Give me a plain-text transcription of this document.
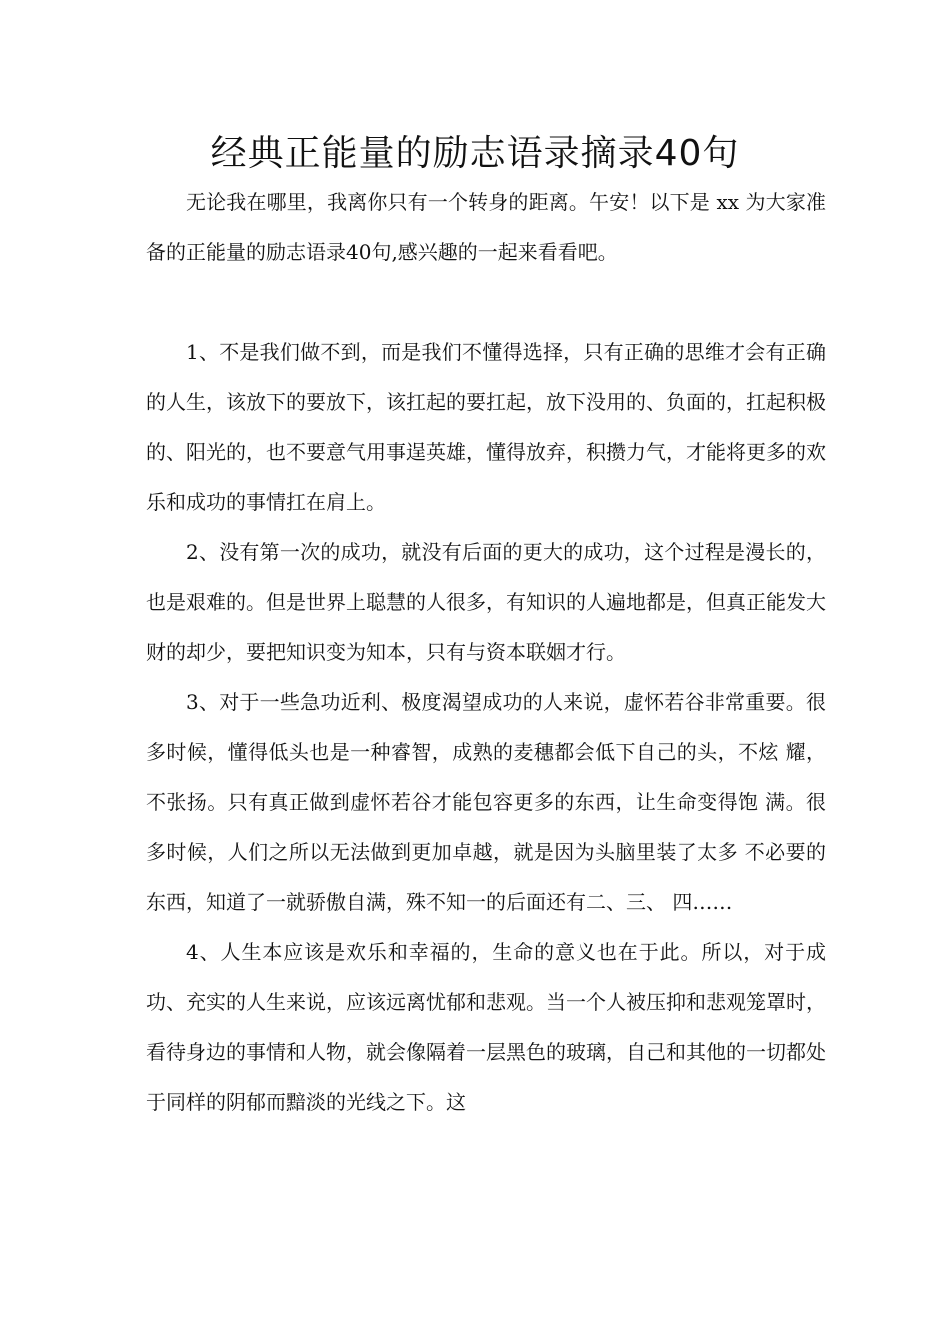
经典正能量的励志语录摘录40句

无论我在哪里，我离你只有一个转身的距离。午安！以下是 xx 为大家准备的正能量的励志语录40句,感兴趣的一起来看看吧。

1、不是我们做不到，而是我们不懂得选择，只有正确的思维才会有正确的人生，该放下的要放下，该扛起的要扛起，放下没用的、负面的，扛起积极的、阳光的，也不要意气用事逞英雄，懂得放弃，积攒力气，才能将更多的欢乐和成功的事情扛在肩上。

2、没有第一次的成功，就没有后面的更大的成功，这个过程是漫长的，也是艰难的。但是世界上聪慧的人很多，有知识的人遍地都是，但真正能发大财的却少，要把知识变为知本，只有与资本联姻才行。

3、对于一些急功近利、极度渴望成功的人来说，虚怀若谷非常重要。很多时候，懂得低头也是一种睿智，成熟的麦穗都会低下自己的头，不炫 耀，不张扬。只有真正做到虚怀若谷才能包容更多的东西，让生命变得饱 满。很多时候，人们之所以无法做到更加卓越，就是因为头脑里装了太多 不必要的东西，知道了一就骄傲自满，殊不知一的后面还有二、三、 四……

4、人生本应该是欢乐和幸福的，生命的意义也在于此。所以，对于成功、充实的人生来说，应该远离忧郁和悲观。当一个人被压抑和悲观笼罩时，看待身边的事情和人物，就会像隔着一层黑色的玻璃，自己和其他的一切都处于同样的阴郁而黯淡的光线之下。这
